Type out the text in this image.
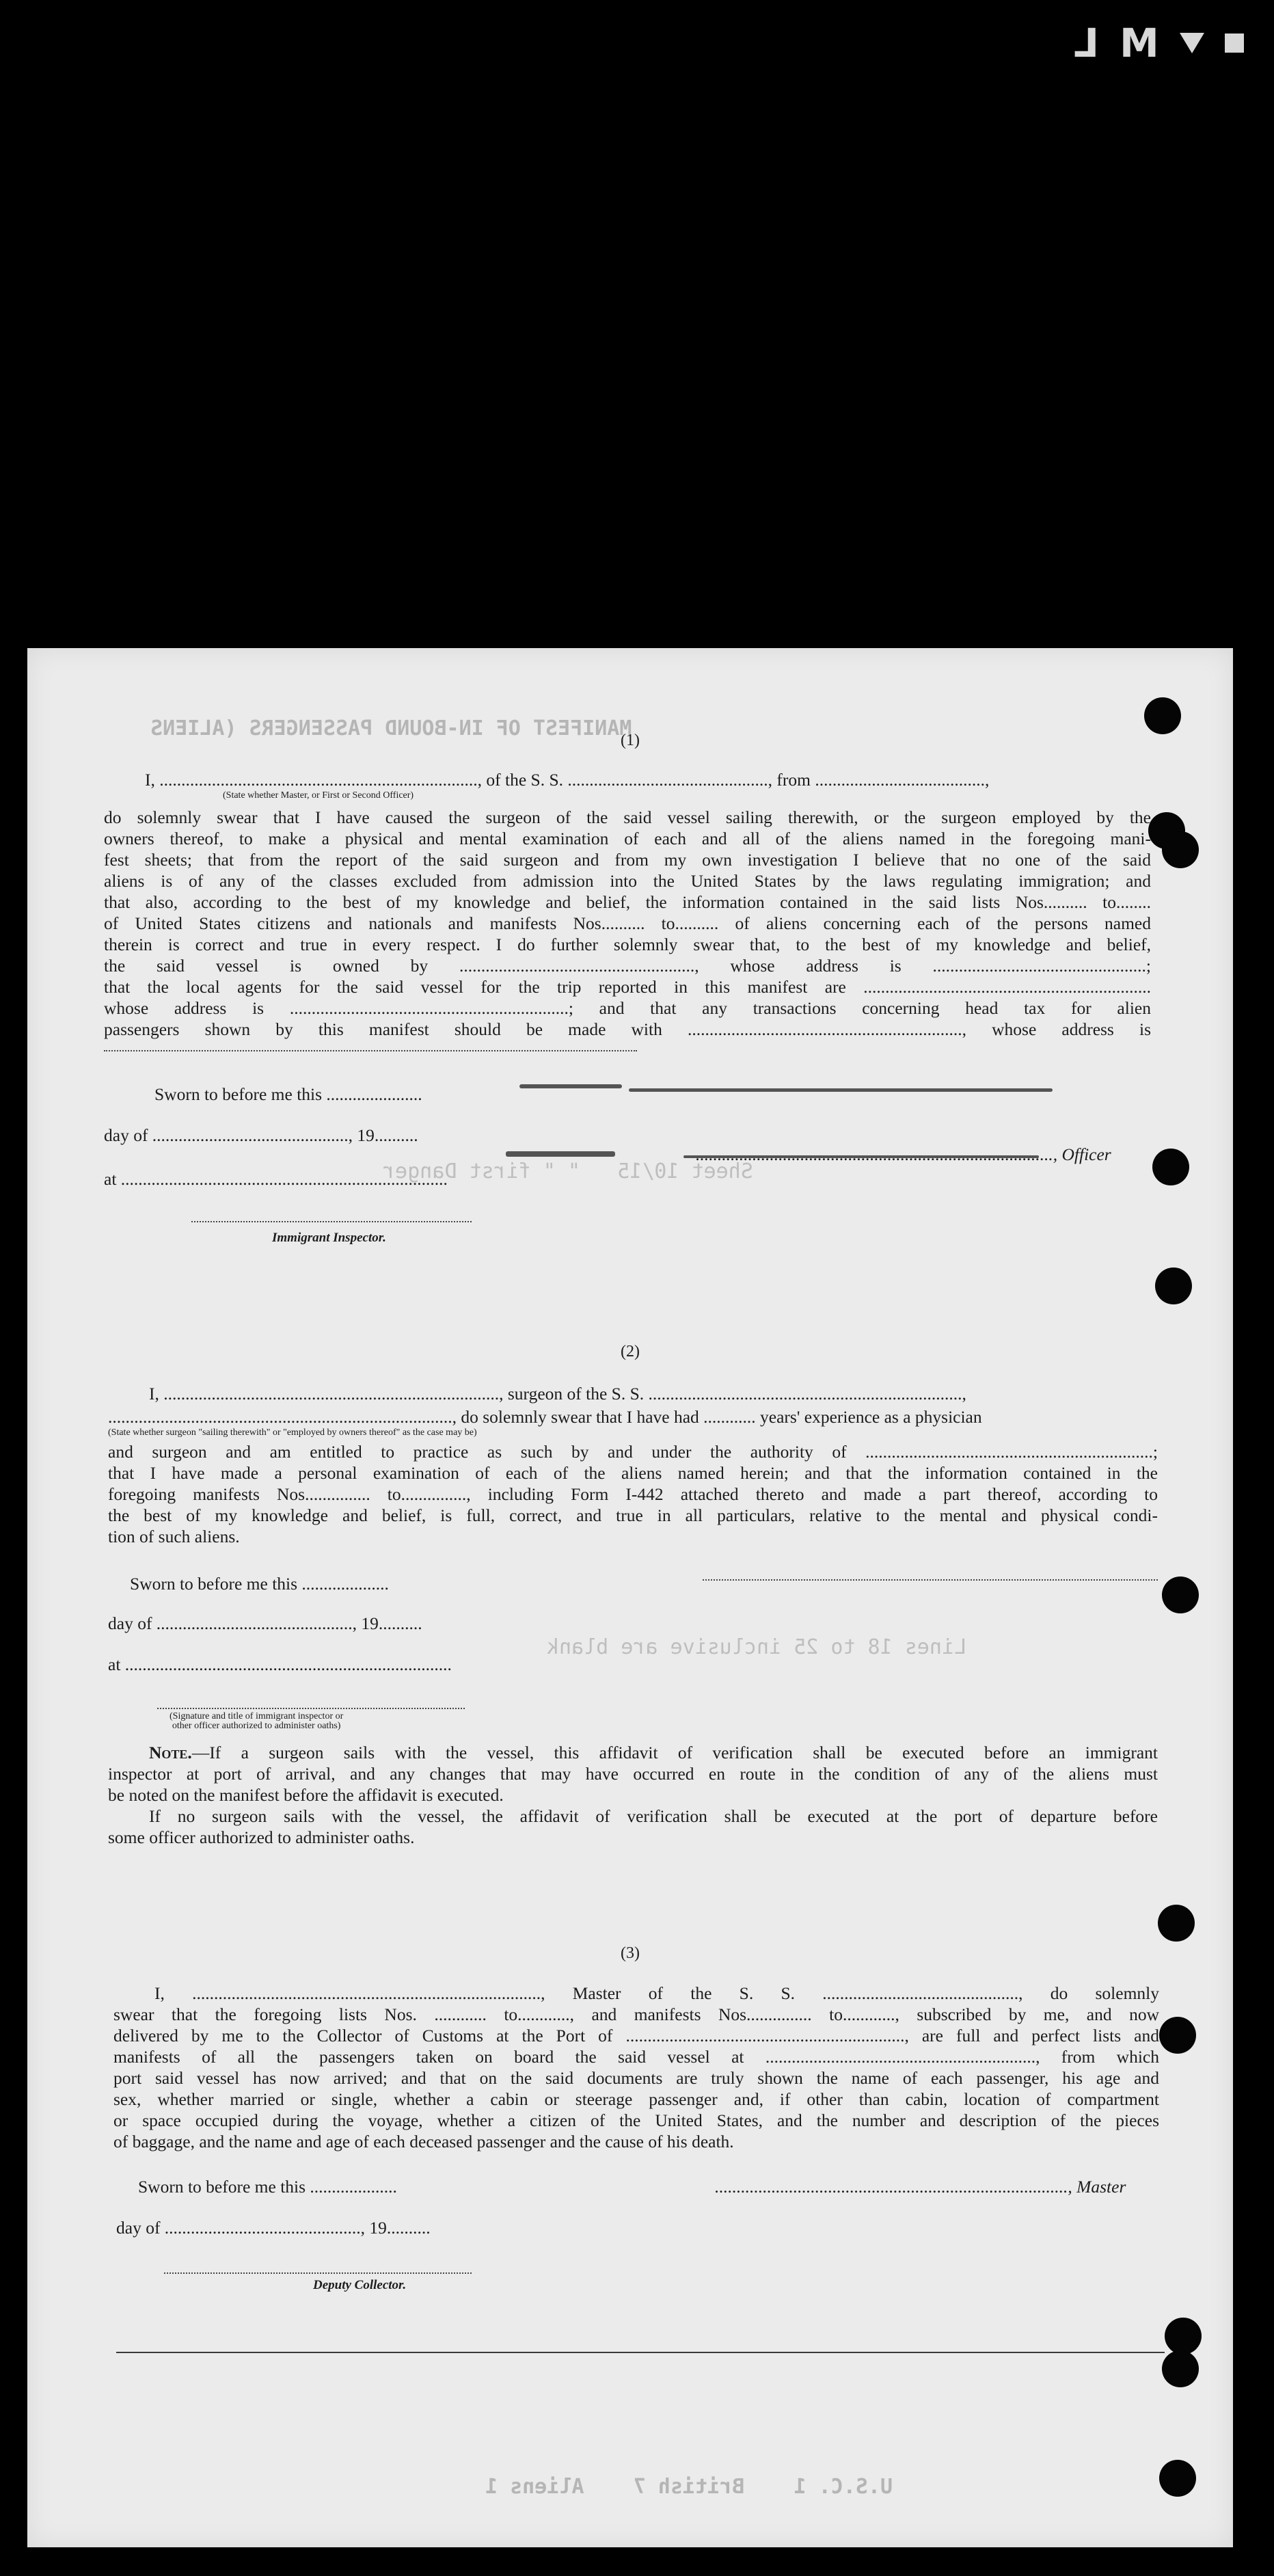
L M
MANIFEST OF IN-BOUND PASSENGERS (ALIENS
Sheet 10/15   " " first Danger
Lines 18 to 25 inclusive are blank
U.S.C. 1    British 7    Aliens 1
(1)
I, ........................................................................., of the S. S. .............................................., from .......................................,
(State whether Master, or First or Second Officer)
do solemnly swear that I have caused the surgeon of the said vessel sailing therewith, or the surgeon employed by the
owners thereof, to make a physical and mental examination of each and all of the aliens named in the foregoing mani-
fest sheets; that from the report of the said surgeon and from my own investigation I believe that no one of the said
aliens is of any of the classes excluded from admission into the United States by the laws regulating immigration; and
that also, according to the best of my knowledge and belief, the information contained in the said lists Nos.......... to........
of United States citizens and nationals and manifests Nos.......... to.......... of aliens concerning each of the persons named
therein is correct and true in every respect. I do further solemnly swear that, to the best of my knowledge and belief,
the said vessel is owned by ......................................................, whose address is .................................................;
that the local agents for the said vessel for the trip reported in this manifest are ..................................................................
whose address is ................................................................; and that any transactions concerning head tax for alien
passengers shown by this manifest should be made with ..............................................................., whose address is
Sworn to before me this ......................
day of ............................................., 19..........
.................................................................................., Officer
at ...........................................................................
Immigrant Inspector.
(2)
I, ............................................................................., surgeon of the S. S. ........................................................................,
..............................................................................., do solemnly swear that I have had ............ years' experience as a physician
(State whether surgeon "sailing therewith" or "employed by owners thereof" as the case may be)
and surgeon and am entitled to practice as such by and under the authority of ..................................................................;
that I have made a personal examination of each of the aliens named herein; and that the information contained in the
foregoing manifests Nos............... to..............., including Form I-442 attached thereto and made a part thereof, according to
the best of my knowledge and belief, is full, correct, and true in all particulars, relative to the mental and physical condi-
tion of such aliens.
Sworn to before me this ....................
day of ............................................., 19..........
at ...........................................................................
(Signature and title of immigrant inspector or
other officer authorized to administer oaths)
Note.—If a surgeon sails with the vessel, this affidavit of verification shall be executed before an immigrant
inspector at port of arrival, and any changes that may have occurred en route in the condition of any of the aliens must
be noted on the manifest before the affidavit is executed.
If no surgeon sails with the vessel, the affidavit of verification shall be executed at the port of departure before
some officer authorized to administer oaths.
(3)
I, ................................................................................, Master of the S. S. ............................................., do solemnly
swear that the foregoing lists Nos. ............ to............, and manifests Nos............... to............, subscribed by me, and now
delivered by me to the Collector of Customs at the Port of ................................................................, are full and perfect lists and
manifests of all the passengers taken on board the said vessel at .............................................................., from which
port said vessel has now arrived; and that on the said documents are truly shown the name of each passenger, his age and
sex, whether married or single, whether a cabin or steerage passenger and, if other than cabin, location of compartment
or space occupied during the voyage, whether a citizen of the United States, and the number and description of the pieces
of baggage, and the name and age of each deceased passenger and the cause of his death.
Sworn to before me this ....................	................................................................................., Master
day of ............................................., 19..........
Deputy Collector.
